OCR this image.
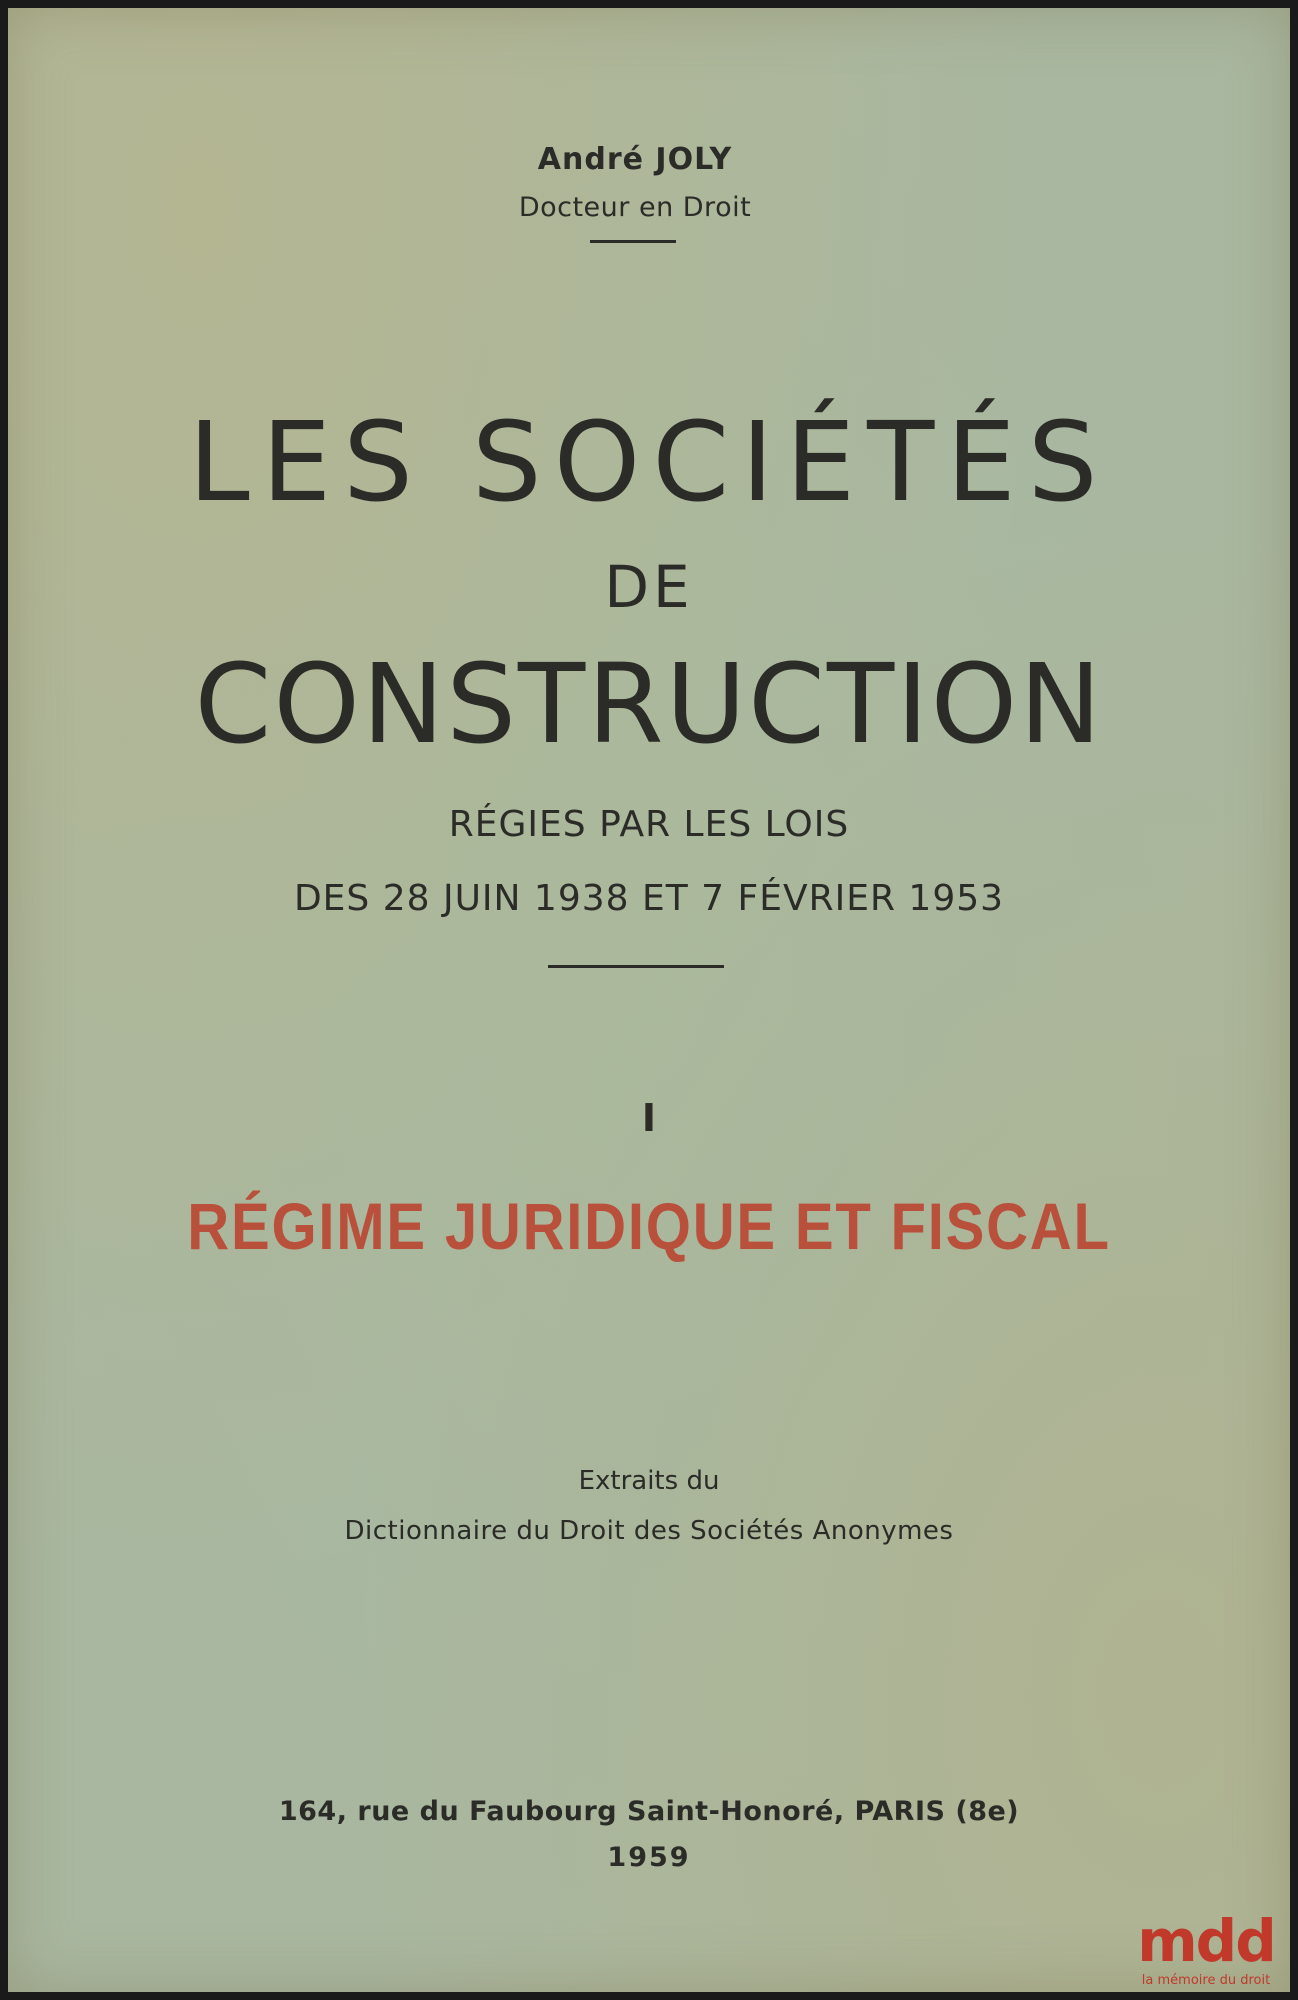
André JOLY
Docteur en Droit
LES SOCIÉTÉS
DE
CONSTRUCTION
RÉGIES PAR LES LOIS
DES 28 JUIN 1938 ET 7 FÉVRIER 1953
I
RÉGIME JURIDIQUE ET FISCAL
Extraits du
Dictionnaire du Droit des Sociétés Anonymes
164, rue du Faubourg Saint-Honoré, PARIS (8e)
1959
mdd
la mémoire du droit
